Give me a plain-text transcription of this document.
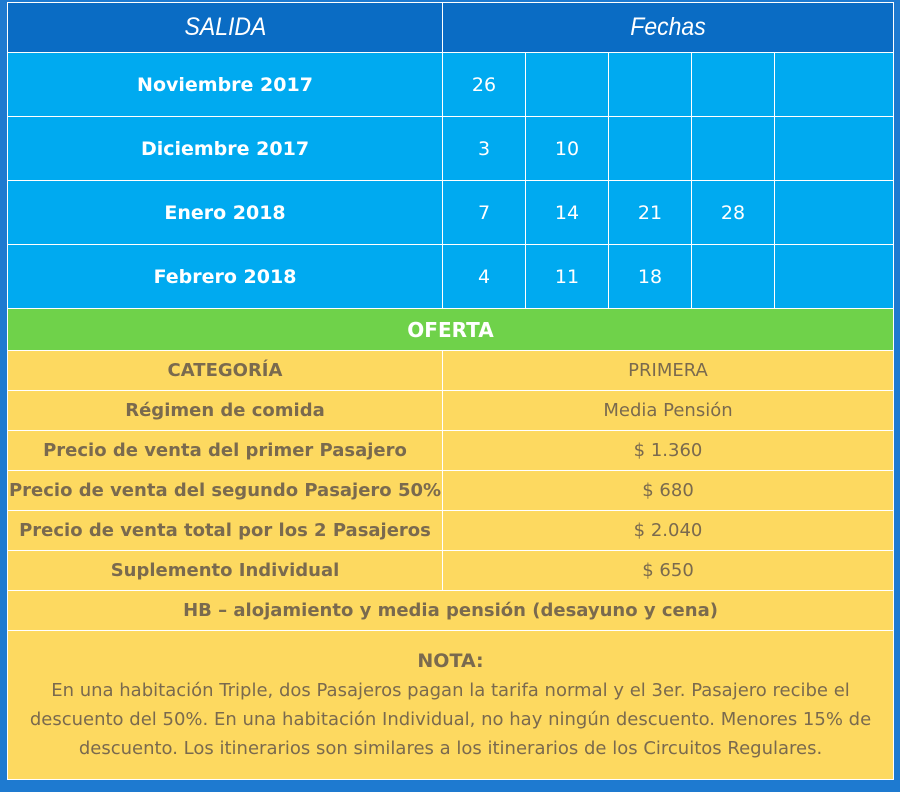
SALIDA	Fechas				
Noviembre 2017	26				
Diciembre 2017	3	10			
Enero 2018	7	14	21	28	
Febrero 2018	4	11	18		
OFERTA					
CATEGORÍA	PRIMERA				
Régimen de comida	Media Pensión				
Precio de venta del primer Pasajero	$ 1.360				
Precio de venta del segundo Pasajero 50%	$ 680				
Precio de venta total por los 2 Pasajeros	$ 2.040				
Suplemento Individual	$ 650				
HB – alojamiento y media pensión (desayuno y cena)					

NOTA:
En una habitación Triple, dos Pasajeros pagan la tarifa normal y el 3er. Pasajero recibe el descuento del 50%. En una habitación Individual, no hay ningún descuento. Menores 15% de descuento. Los itinerarios son similares a los itinerarios de los Circuitos Regulares.					
